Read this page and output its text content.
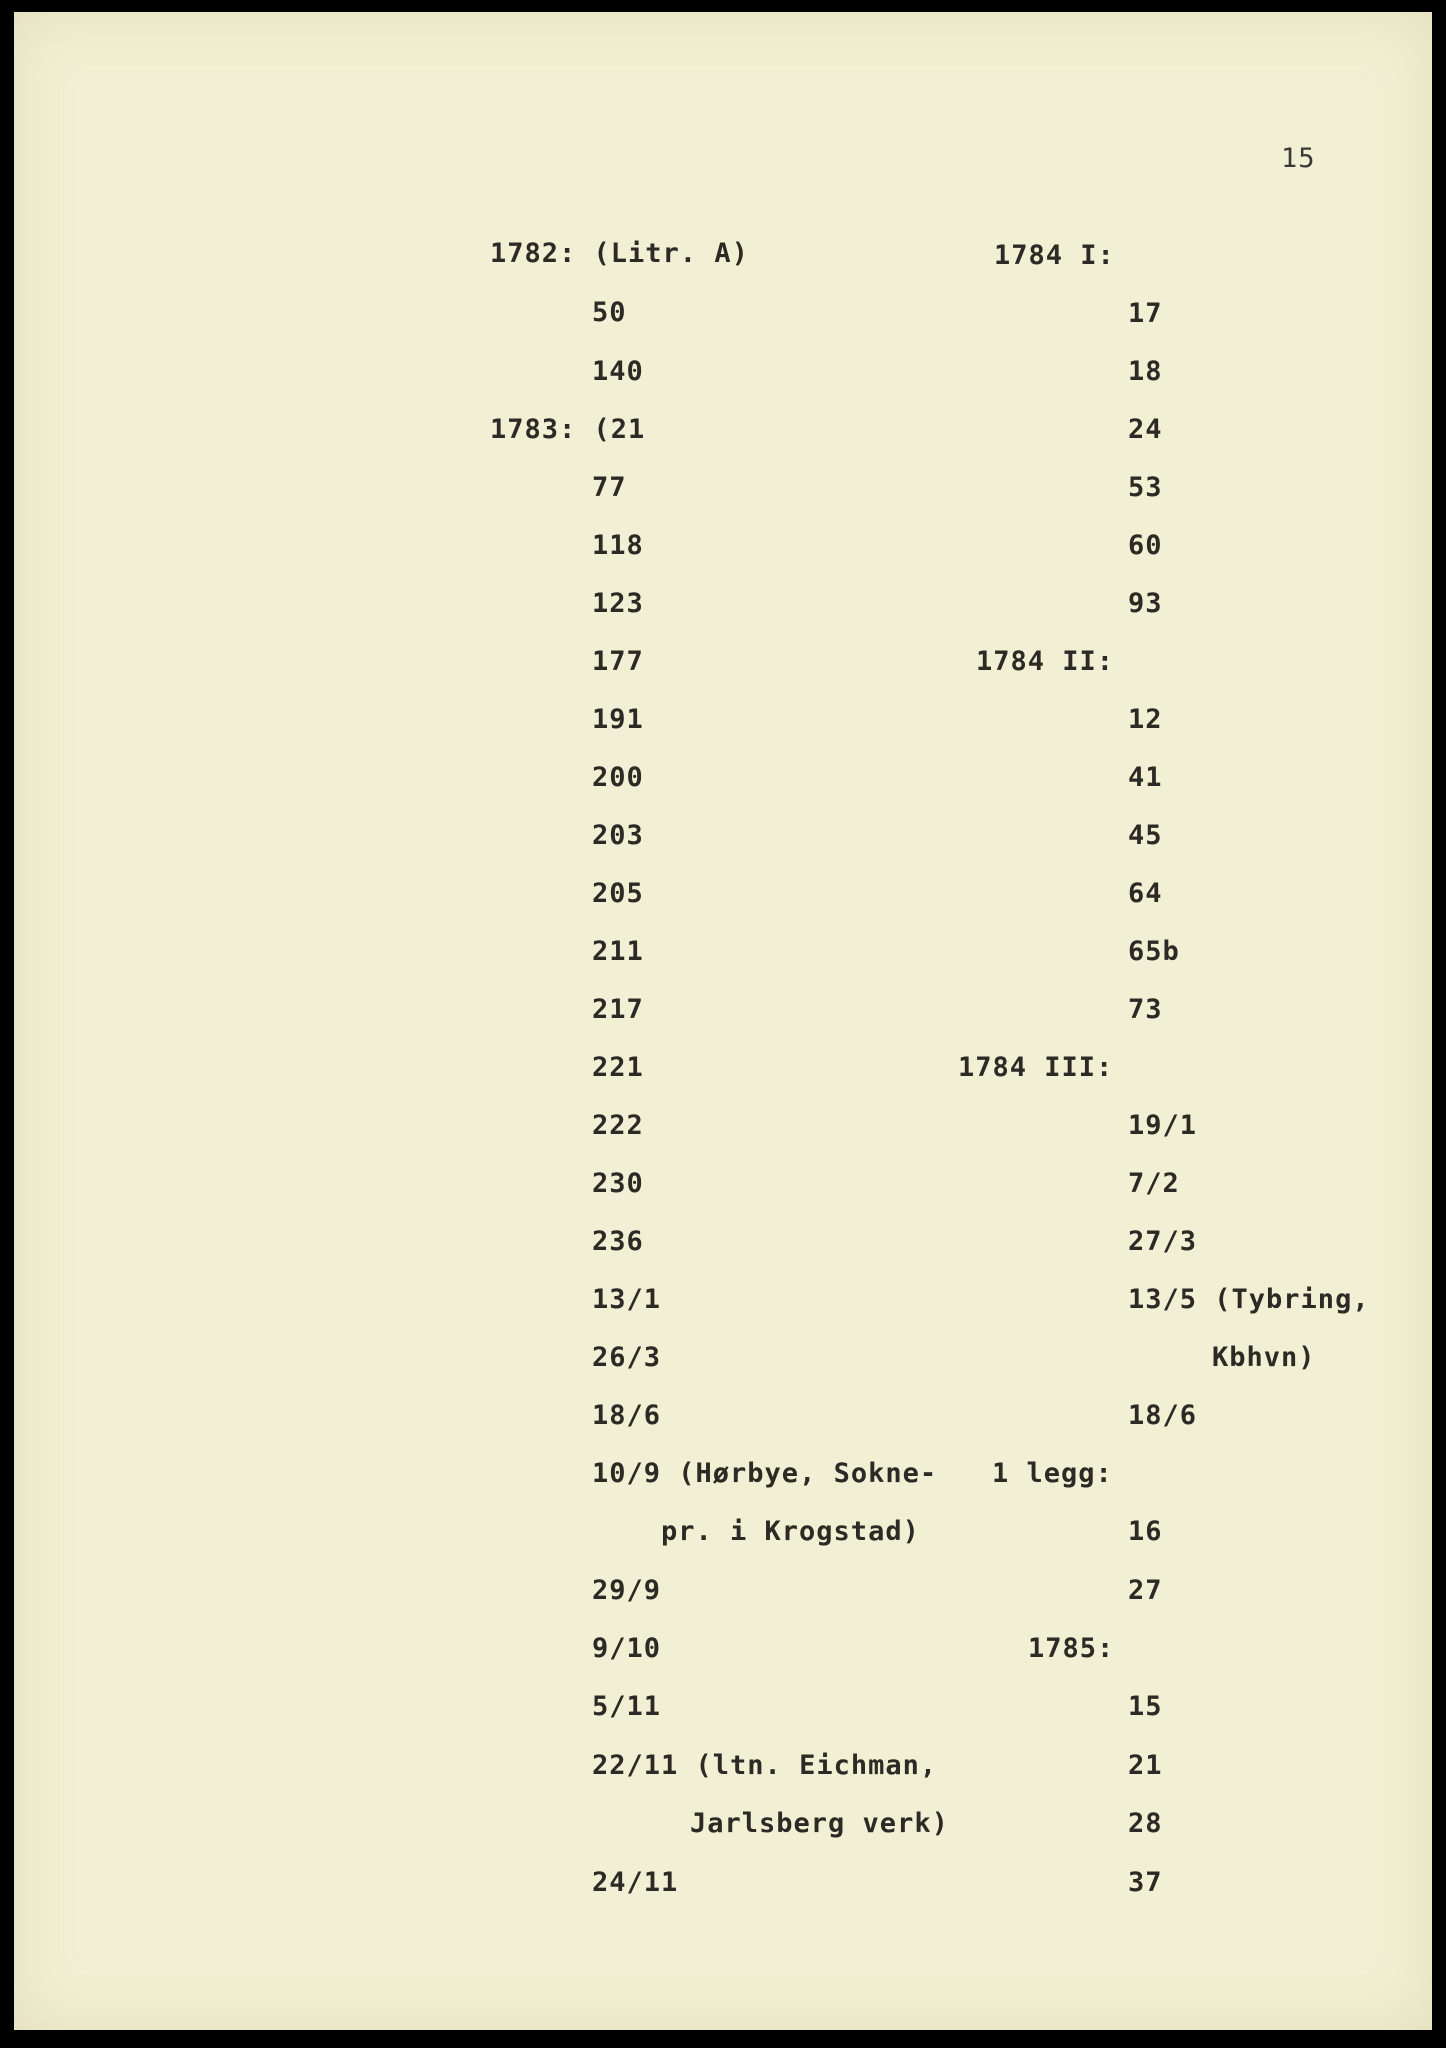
15
1782: (Litr. A)
50
140
1783: (21
77
118
123
177
191
200
203
205
211
217
221
222
230
236
13/1
26/3
18/6
10/9 (Hørbye, Sokne-
pr. i Krogstad)
29/9
9/10
5/11
22/11 (ltn. Eichman,
Jarlsberg verk)
24/11
1784 I:
17
18
24
53
60
93
1784 II:
12
41
45
64
65b
73
1784 III:
19/1
7/2
27/3
13/5 (Tybring,
Kbhvn)
18/6
1 legg:
16
27
1785:
15
21
28
37
